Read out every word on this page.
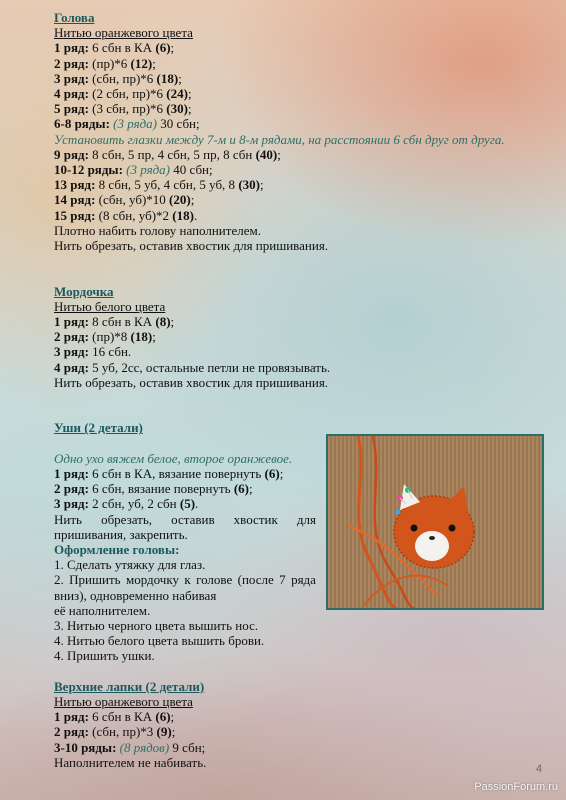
Голова
Нитью оранжевого цвета
1 ряд: 6 сбн в КА (6);
2 ряд: (пр)*6 (12);
3 ряд: (сбн, пр)*6 (18);
4 ряд: (2 сбн, пр)*6 (24);
5 ряд: (3 сбн, пр)*6 (30);
6-8 ряды: (3 ряда) 30 сбн;
Установить глазки между 7-м и 8-м рядами, на расстоянии 6 сбн друг от друга.
9 ряд: 8 сбн, 5 пр, 4 сбн, 5 пр, 8 сбн (40);
10-12 ряды: (3 ряда) 40 сбн;
13 ряд: 8 сбн, 5 уб, 4 сбн, 5 уб, 8 (30);
14 ряд: (сбн, уб)*10 (20);
15 ряд: (8 сбн, уб)*2 (18).
Плотно набить голову наполнителем.
Нить обрезать, оставив хвостик для пришивания.
Мордочка
Нитью белого цвета
1 ряд: 8 сбн в КА (8);
2 ряд: (пр)*8 (18);
3 ряд: 16 сбн.
4 ряд: 5 уб, 2сс, остальные петли не провязывать.
Нить обрезать, оставив хвостик для пришивания.
Уши (2 детали)
Одно ухо вяжем белое, второе оранжевое.
1 ряд: 6 сбн в КА, вязание повернуть (6);
2 ряд: 6 сбн, вязание повернуть (6);
3 ряд: 2 сбн, уб, 2 сбн (5).
Нить обрезать, оставив хвостик для
пришивания, закрепить.
Оформление головы:
1. Сделать утяжку для глаз.
2. Пришить мордочку к голове (после 7 ряда
вниз), одновременно набивая
её наполнителем.
3. Нитью черного цвета вышить нос.
4. Нитью белого цвета вышить брови.
4. Пришить ушки.
Верхние лапки (2 детали)
Нитью оранжевого цвета
1 ряд: 6 сбн в КА (6);
2 ряд: (сбн, пр)*3 (9);
3-10 ряды: (8 рядов) 9 сбн;
Наполнителем не набивать.	4
PassionForum.ru
